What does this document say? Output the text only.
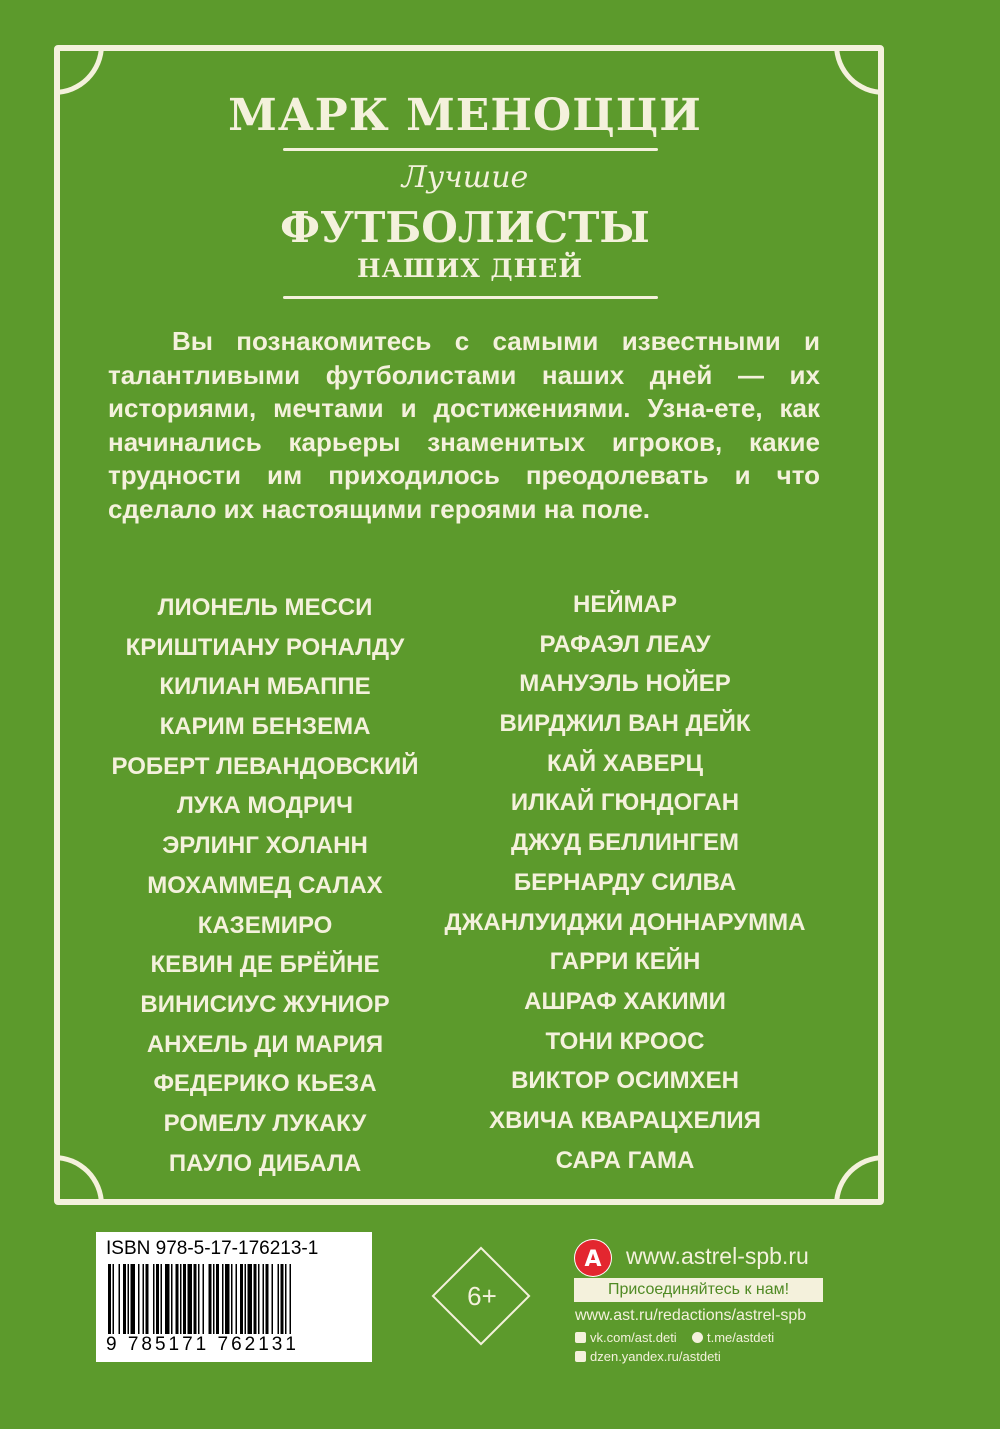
МАРК МЕНОЦЦИ
Лучшие
ФУТБОЛИСТЫ
НАШИХ ДНЕЙ

Вы познакомитесь с самыми известными и талантливыми футболистами наших дней — их историями, мечтами и достижениями. Узна-ете, как начинались карьеры знаменитых игроков, какие трудности им приходилось преодолевать и что сделало их настоящими героями на поле.

ЛИОНЕЛЬ МЕССИ
КРИШТИАНУ РОНАЛДУ
КИЛИАН МБАППЕ
КАРИМ БЕНЗЕМА
РОБЕРТ ЛЕВАНДОВСКИЙ
ЛУКА МОДРИЧ
ЭРЛИНГ ХОЛАНН
МОХАММЕД САЛАХ
КАЗЕМИРО
КЕВИН ДЕ БРЁЙНЕ
ВИНИСИУС ЖУНИОР
АНХЕЛЬ ДИ МАРИЯ
ФЕДЕРИКО КЬЕЗА
РОМЕЛУ ЛУКАКУ
ПАУЛО ДИБАЛА
НЕЙМАР
РАФАЭЛ ЛЕАУ
МАНУЭЛЬ НОЙЕР
ВИРДЖИЛ ВАН ДЕЙК
КАЙ ХАВЕРЦ
ИЛКАЙ ГЮНДОГАН
ДЖУД БЕЛЛИНГЕМ
БЕРНАРДУ СИЛВА
ДЖАНЛУИДЖИ ДОННАРУММА
ГАРРИ КЕЙН
АШРАФ ХАКИМИ
ТОНИ КРООС
ВИКТОР ОСИМХЕН
ХВИЧА КВАРАЦХЕЛИЯ
САРА ГАМА
ISBN 978-5-17-176213-1
9 785171 762131
6+
А www.astrel-spb.ru
Присоединяйтесь к нам!
www.ast.ru/redactions/astrel-spb
vk.com/ast.deti t.me/astdeti
dzen.yandex.ru/astdeti
